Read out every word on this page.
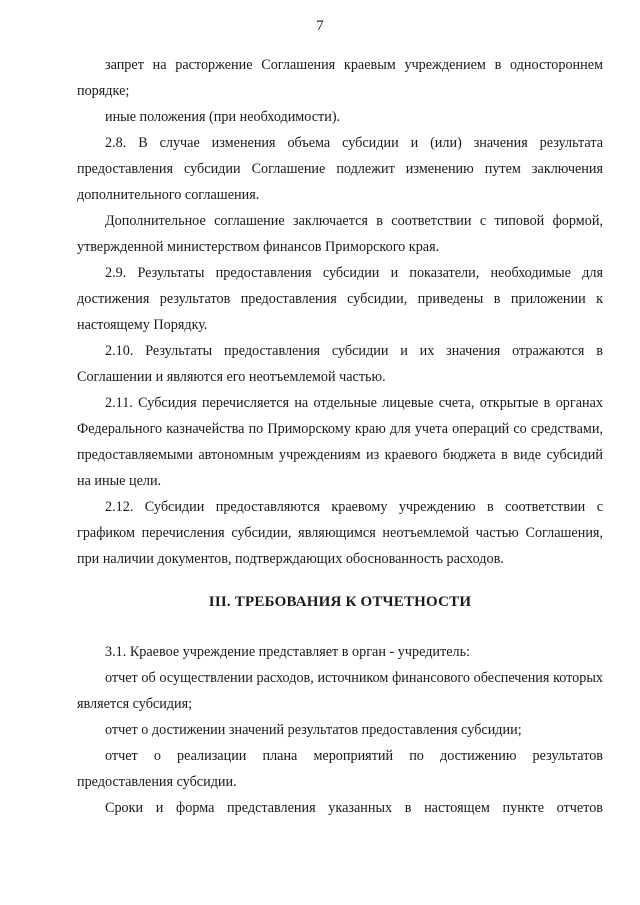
7

запрет на расторжение Соглашения краевым учреждением в одностороннем порядке;

иные положения (при необходимости).

2.8. В случае изменения объема субсидии и (или) значения результата предоставления субсидии Соглашение подлежит изменению путем заключения дополнительного соглашения.

Дополнительное соглашение заключается в соответствии с типовой формой, утвержденной министерством финансов Приморского края.

2.9. Результаты предоставления субсидии и показатели, необходимые для достижения результатов предоставления субсидии, приведены в приложении к настоящему Порядку.

2.10. Результаты предоставления субсидии и их значения отражаются в Соглашении и являются его неотъемлемой частью.

2.11. Субсидия перечисляется на отдельные лицевые счета, открытые в органах Федерального казначейства по Приморскому краю для учета операций со средствами, предоставляемыми автономным учреждениям из краевого бюджета в виде субсидий на иные цели.

2.12. Субсидии предоставляются краевому учреждению в соответствии с графиком перечисления субсидии, являющимся неотъемлемой частью Соглашения, при наличии документов, подтверждающих обоснованность расходов.

III. ТРЕБОВАНИЯ К ОТЧЕТНОСТИ

3.1. Краевое учреждение представляет в орган - учредитель:

отчет об осуществлении расходов, источником финансового обеспечения которых является субсидия;

отчет о достижении значений результатов предоставления субсидии;

отчет о реализации плана мероприятий по достижению результатов предоставления субсидии.

Сроки и форма представления указанных в настоящем пункте отчетов
